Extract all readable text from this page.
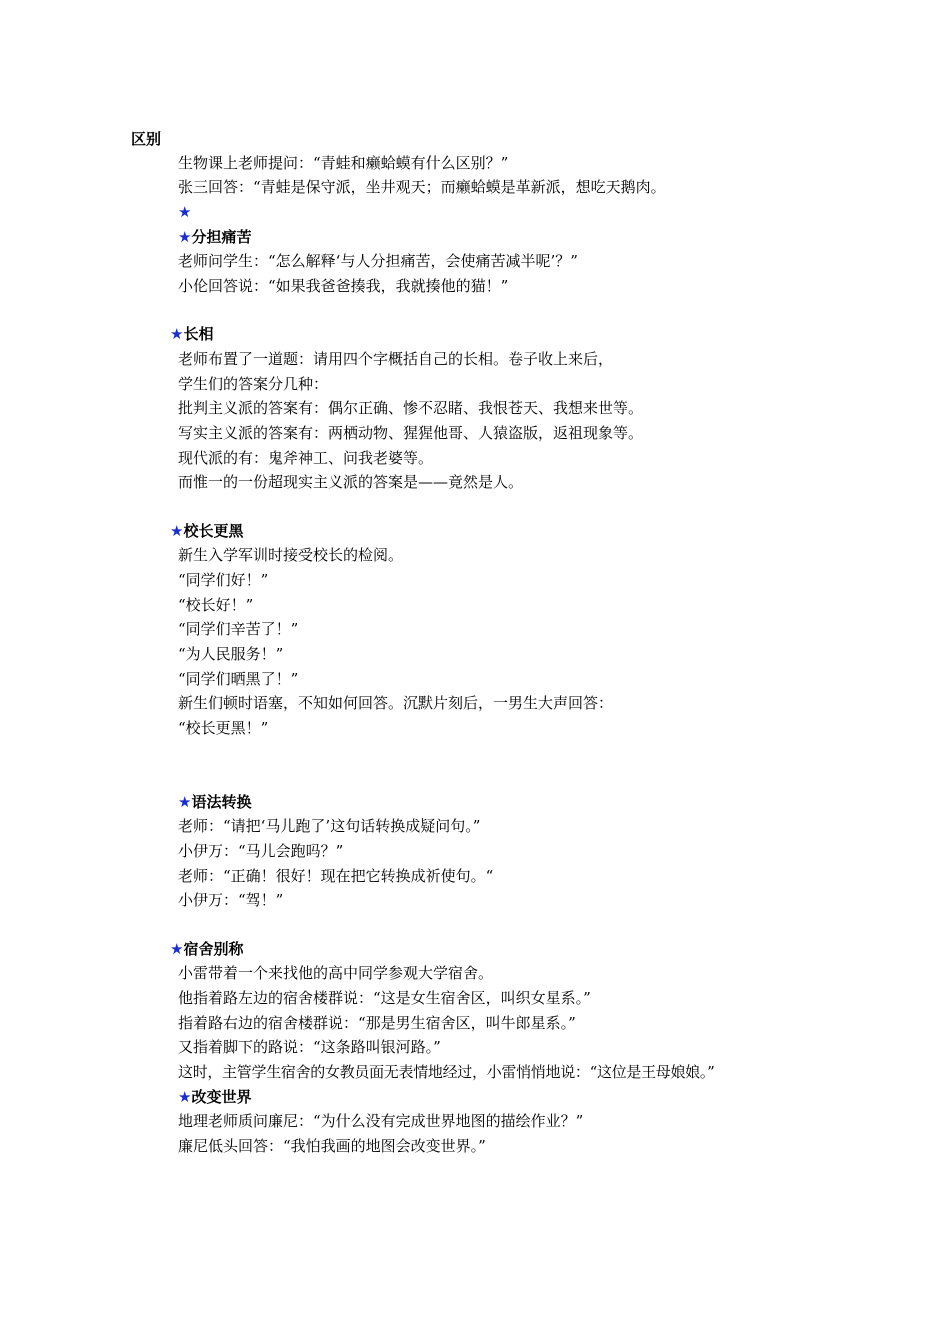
区别
生物课上老师提问：“青蛙和癞蛤蟆有什么区别？”
张三回答：“青蛙是保守派，坐井观天；而癞蛤蟆是革新派，想吃天鹅肉。
★
★分担痛苦
老师问学生：“怎么解释‘与人分担痛苦，会使痛苦减半呢’？”
小伦回答说：“如果我爸爸揍我，我就揍他的猫！”
★长相
老师布置了一道题：请用四个字概括自己的长相。卷子收上来后，
学生们的答案分几种：
批判主义派的答案有：偶尔正确、惨不忍睹、我恨苍天、我想来世等。
写实主义派的答案有：两栖动物、猩猩他哥、人猿盗版，返祖现象等。
现代派的有：鬼斧神工、问我老婆等。
而惟一的一份超现实主义派的答案是——竟然是人。
★校长更黑
新生入学军训时接受校长的检阅。
“同学们好！”
“校长好！”
“同学们辛苦了！”
“为人民服务！”
“同学们晒黑了！”
新生们顿时语塞，不知如何回答。沉默片刻后，一男生大声回答：
“校长更黑！”
★语法转换
老师：“请把‘马儿跑了’这句话转换成疑问句。”
小伊万：“马儿会跑吗？”
老师：“正确！很好！现在把它转换成祈使句。“
小伊万：“驾！”
★宿舍别称
小雷带着一个来找他的高中同学参观大学宿舍。
他指着路左边的宿舍楼群说：“这是女生宿舍区，叫织女星系。”
指着路右边的宿舍楼群说：“那是男生宿舍区，叫牛郎星系。”
又指着脚下的路说：“这条路叫银河路。”
这时，主管学生宿舍的女教员面无表情地经过，小雷悄悄地说：“这位是王母娘娘。”
★改变世界
地理老师质问廉尼：“为什么没有完成世界地图的描绘作业？”
廉尼低头回答：“我怕我画的地图会改变世界。”
